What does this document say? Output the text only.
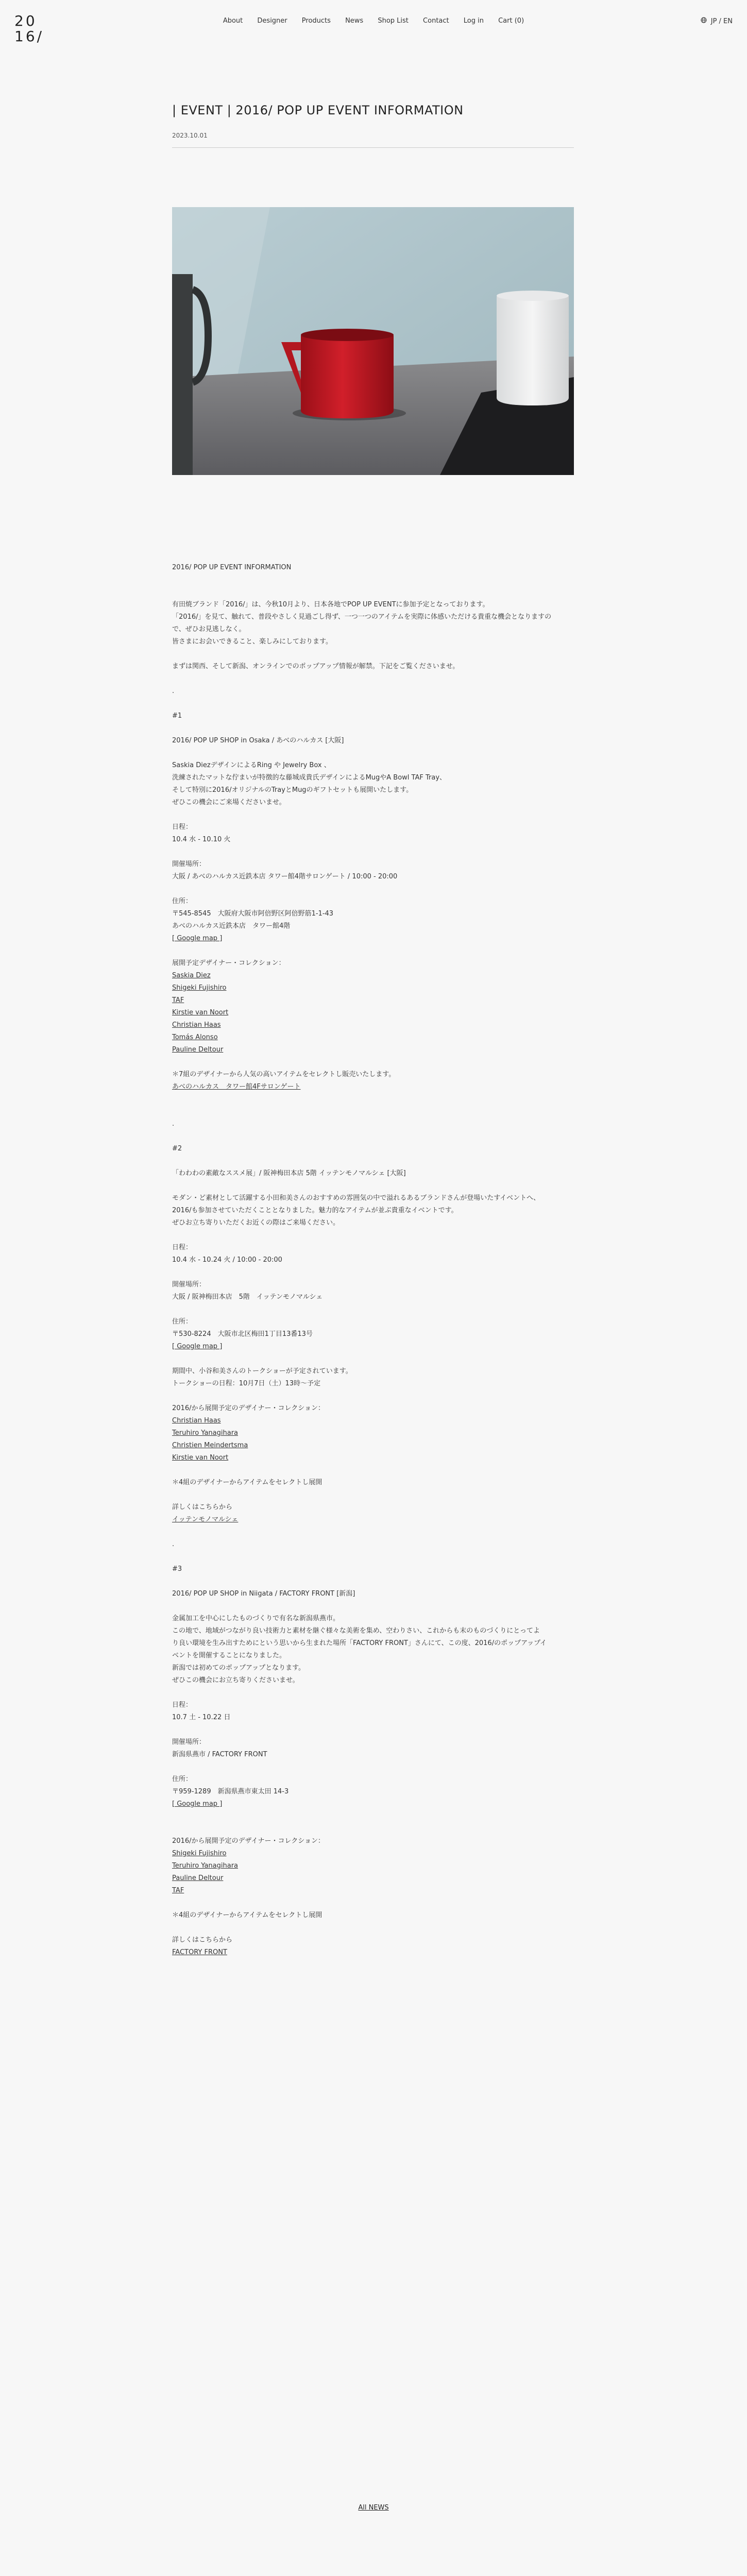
20
16/
About Designer Products News Shop List Contact Log in Cart (0)	JP / EN
| EVENT | 2016/ POP UP EVENT INFORMATION
2023.10.01

2016/ POP UP EVENT INFORMATION

有田焼ブランド「2016/」は、今秋10月より、日本各地でPOP UP EVENTに参加予定となっております。

「2016/」を見て、触れて、普段やさしく見過ごし得ず、一つ一つのアイテムを実際に体感いただける貴重な機会となりますの

で、ぜひお見逃しなく。

皆さまにお会いできること、楽しみにしております。

まずは関西、そして新潟、オンラインでのポップアップ情報が解禁。下記をご覧くださいませ。

.

#1

2016/ POP UP SHOP in Osaka / あべのハルカス [大阪]

Saskia DiezデザインによるRing や Jewelry Box 、

洗練されたマットな佇まいが特徴的な藤城成貴氏デザインによるMugやA Bowl TAF Tray、

そして特別に2016/オリジナルのTrayとMugのギフトセットも展開いたします。

ぜひこの機会にご来場くださいませ。

日程：

10.4 水 - 10.10 火

開催場所：

大阪 / あべのハルカス近鉄本店 タワー館4階サロンゲート / 10:00 - 20:00

住所：

〒545-8545　大阪府大阪市阿倍野区阿倍野筋1-1-43

あべのハルカス近鉄本店　タワー館4階

[ Google map ]

展開予定デザイナー・コレクション：

Saskia Diez

Shigeki Fujishiro

TAF

Kirstie van Noort

Christian Haas

Tomás Alonso

Pauline Deltour

＊7組のデザイナーから人気の高いアイテムをセレクトし販売いたします。

あべのハルカス　タワー館4Fサロンゲート

.

#2

「わわわの素敵なススメ展」/ 阪神梅田本店 5階 イッテンモノマルシェ [大阪]

モダン・ど素材として活躍する小田和美さんのおすすめの雰囲気の中で溢れるあるブランドさんが登場いたすイベントへ、

2016/も参加させていただくこととなりました。魅力的なアイテムが並ぶ貴重なイベントです。

ぜひお立ち寄りいただくお近くの際はご来場ください。

日程：

10.4 水 - 10.24 火 / 10:00 - 20:00

開催場所：

大阪 / 阪神梅田本店　5階　イッテンモノマルシェ

住所：

〒530-8224　大阪市北区梅田1丁目13番13号

[ Google map ]

期間中、小谷和美さんのトークショーが予定されています。

トークショーの日程：10月7日（土）13時〜予定

2016/から展開予定のデザイナー・コレクション：

Christian Haas

Teruhiro Yanagihara

Christien Meindertsma

Kirstie van Noort

＊4組のデザイナーからアイテムをセレクトし展開

詳しくはこちらから

イッテンモノマルシェ

.

#3

2016/ POP UP SHOP in Niigata / FACTORY FRONT [新潟]

金属加工を中心にしたものづくりで有名な新潟県燕市。

この地で、地域がつながり良い技術力と素材を継ぐ様々な美術を集め、空わりさい、これからも末のものづくりにとってよ

り良い環境を生み出すためにという思いから生まれた場所「FACTORY FRONT」さんにて、この度、2016/のポップアップイ

ベントを開催することになりました。

新潟では初めてのポップアップとなります。

ぜひこの機会にお立ち寄りくださいませ。

日程：

10.7 土 - 10.22 日

開催場所：

新潟県燕市 / FACTORY FRONT

住所：

〒959-1289　新潟県燕市東太田 14-3

[ Google map ]

2016/から展開予定のデザイナー・コレクション：

Shigeki Fujishiro

Teruhiro Yanagihara

Pauline Deltour

TAF

＊4組のデザイナーからアイテムをセレクトし展開

詳しくはこちらから

FACTORY FRONT

All NEWS
